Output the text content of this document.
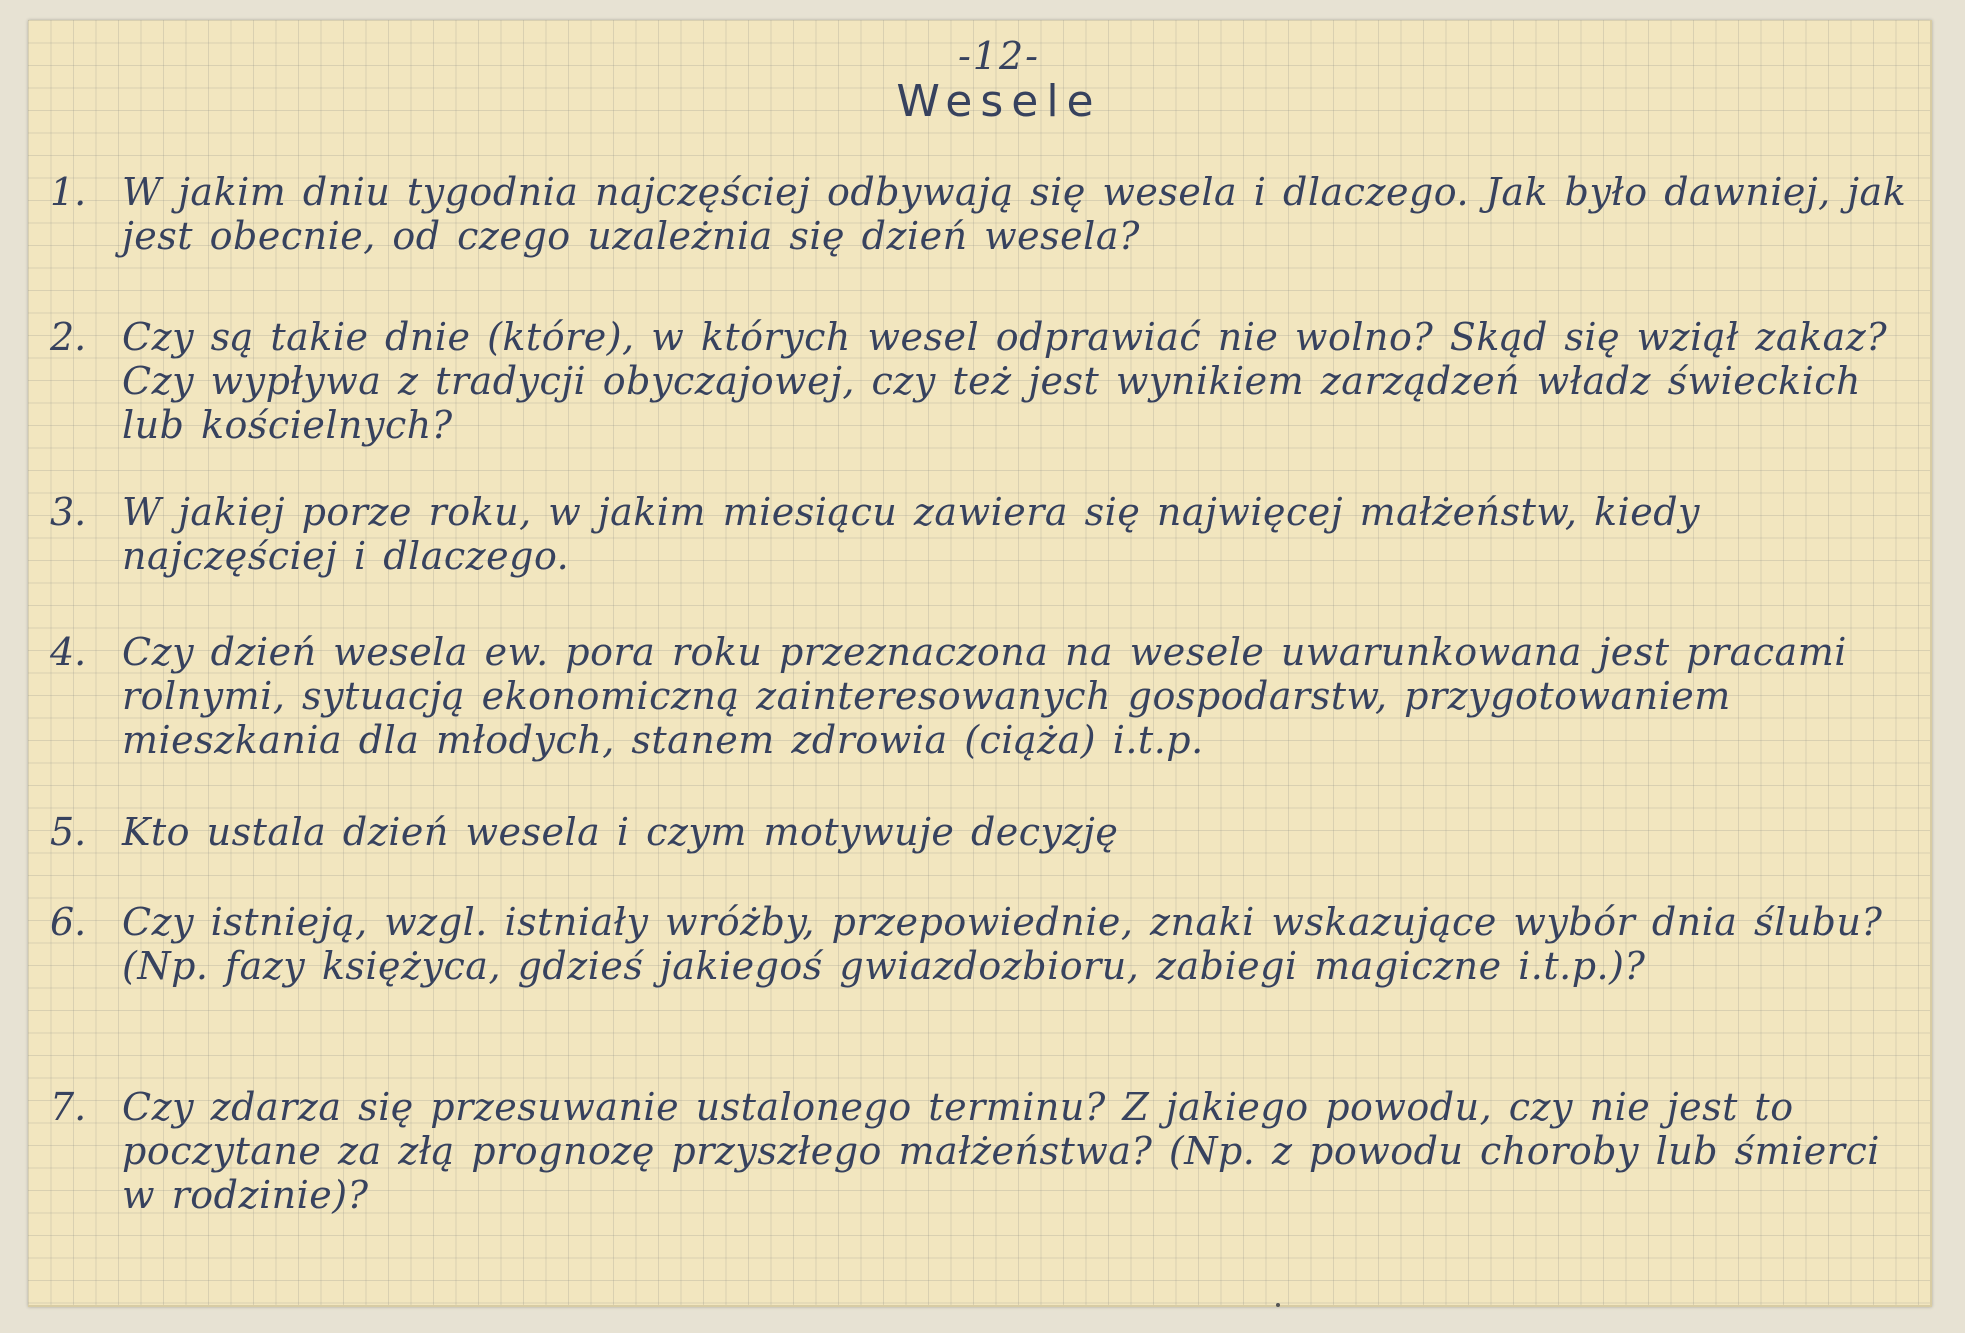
-12-
Wesele
1. W jakim dniu tygodnia najczęściej odbywają się wesela i dlaczego. Jak było dawniej, jak jest obecnie, od czego uzależnia się dzień wesela?
2. Czy są takie dnie (które), w których wesel odprawiać nie wolno? Skąd się wziął zakaz? Czy wypływa z tradycji obyczajowej, czy też jest wynikiem zarządzeń władz świeckich lub kościelnych?
3. W jakiej porze roku, w jakim miesiącu zawiera się najwięcej małżeństw, kiedy najczęściej i dlaczego.
4. Czy dzień wesela ew. pora roku przeznaczona na wesele uwarunkowana jest pracami rolnymi, sytuacją ekonomiczną zainteresowanych gospodarstw, przygotowaniem mieszkania dla młodych, stanem zdrowia (ciąża) i.t.p.
5. Kto ustala dzień wesela i czym motywuje decyzję
6. Czy istnieją, wzgl. istniały wróżby, przepowiednie, znaki wskazujące wybór dnia ślubu? (Np. fazy księżyca, gdzieś jakiegoś gwiazdozbioru, zabiegi magiczne i.t.p.)?
7. Czy zdarza się przesuwanie ustalonego terminu? Z jakiego powodu, czy nie jest to poczytane za złą prognozę przyszłego małżeństwa? (Np. z powodu choroby lub śmierci w rodzinie)?
